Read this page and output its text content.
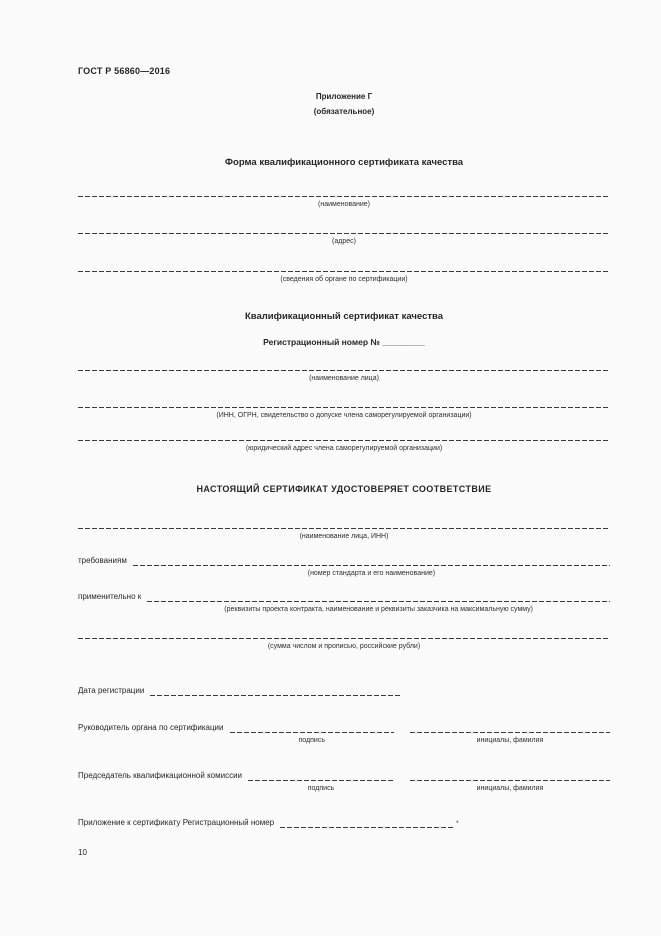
ГОСТ Р 56860—2016
Приложение Г
(обязательное)
Форма квалификационного сертификата качества
(наименование)
(адрес)
(сведения об органе по сертификации)
Квалификационный сертификат качества
Регистрационный номер № _________
(наименование лица)
(ИНН, ОГРН, свидетельство о допуске члена саморегулируемой организации)
(юридический адрес члена саморегулируемой организации)
НАСТОЯЩИЙ СЕРТИФИКАТ УДОСТОВЕРЯЕТ СООТВЕТСТВИЕ
(наименование лица, ИНН)
требованиям
(номер стандарта и его наименование)
применительно к
(реквизиты проекта контракта, наименование и реквизиты заказчика на максимальную сумму)
(сумма числом и прописью, российские рубли)
Дата регистрации
Руководитель органа по сертификации
подпись	инициалы, фамилия
Председатель квалификационной комиссии
подпись	инициалы, фамилия
Приложение к сертификату Регистрационный номер	*
10
